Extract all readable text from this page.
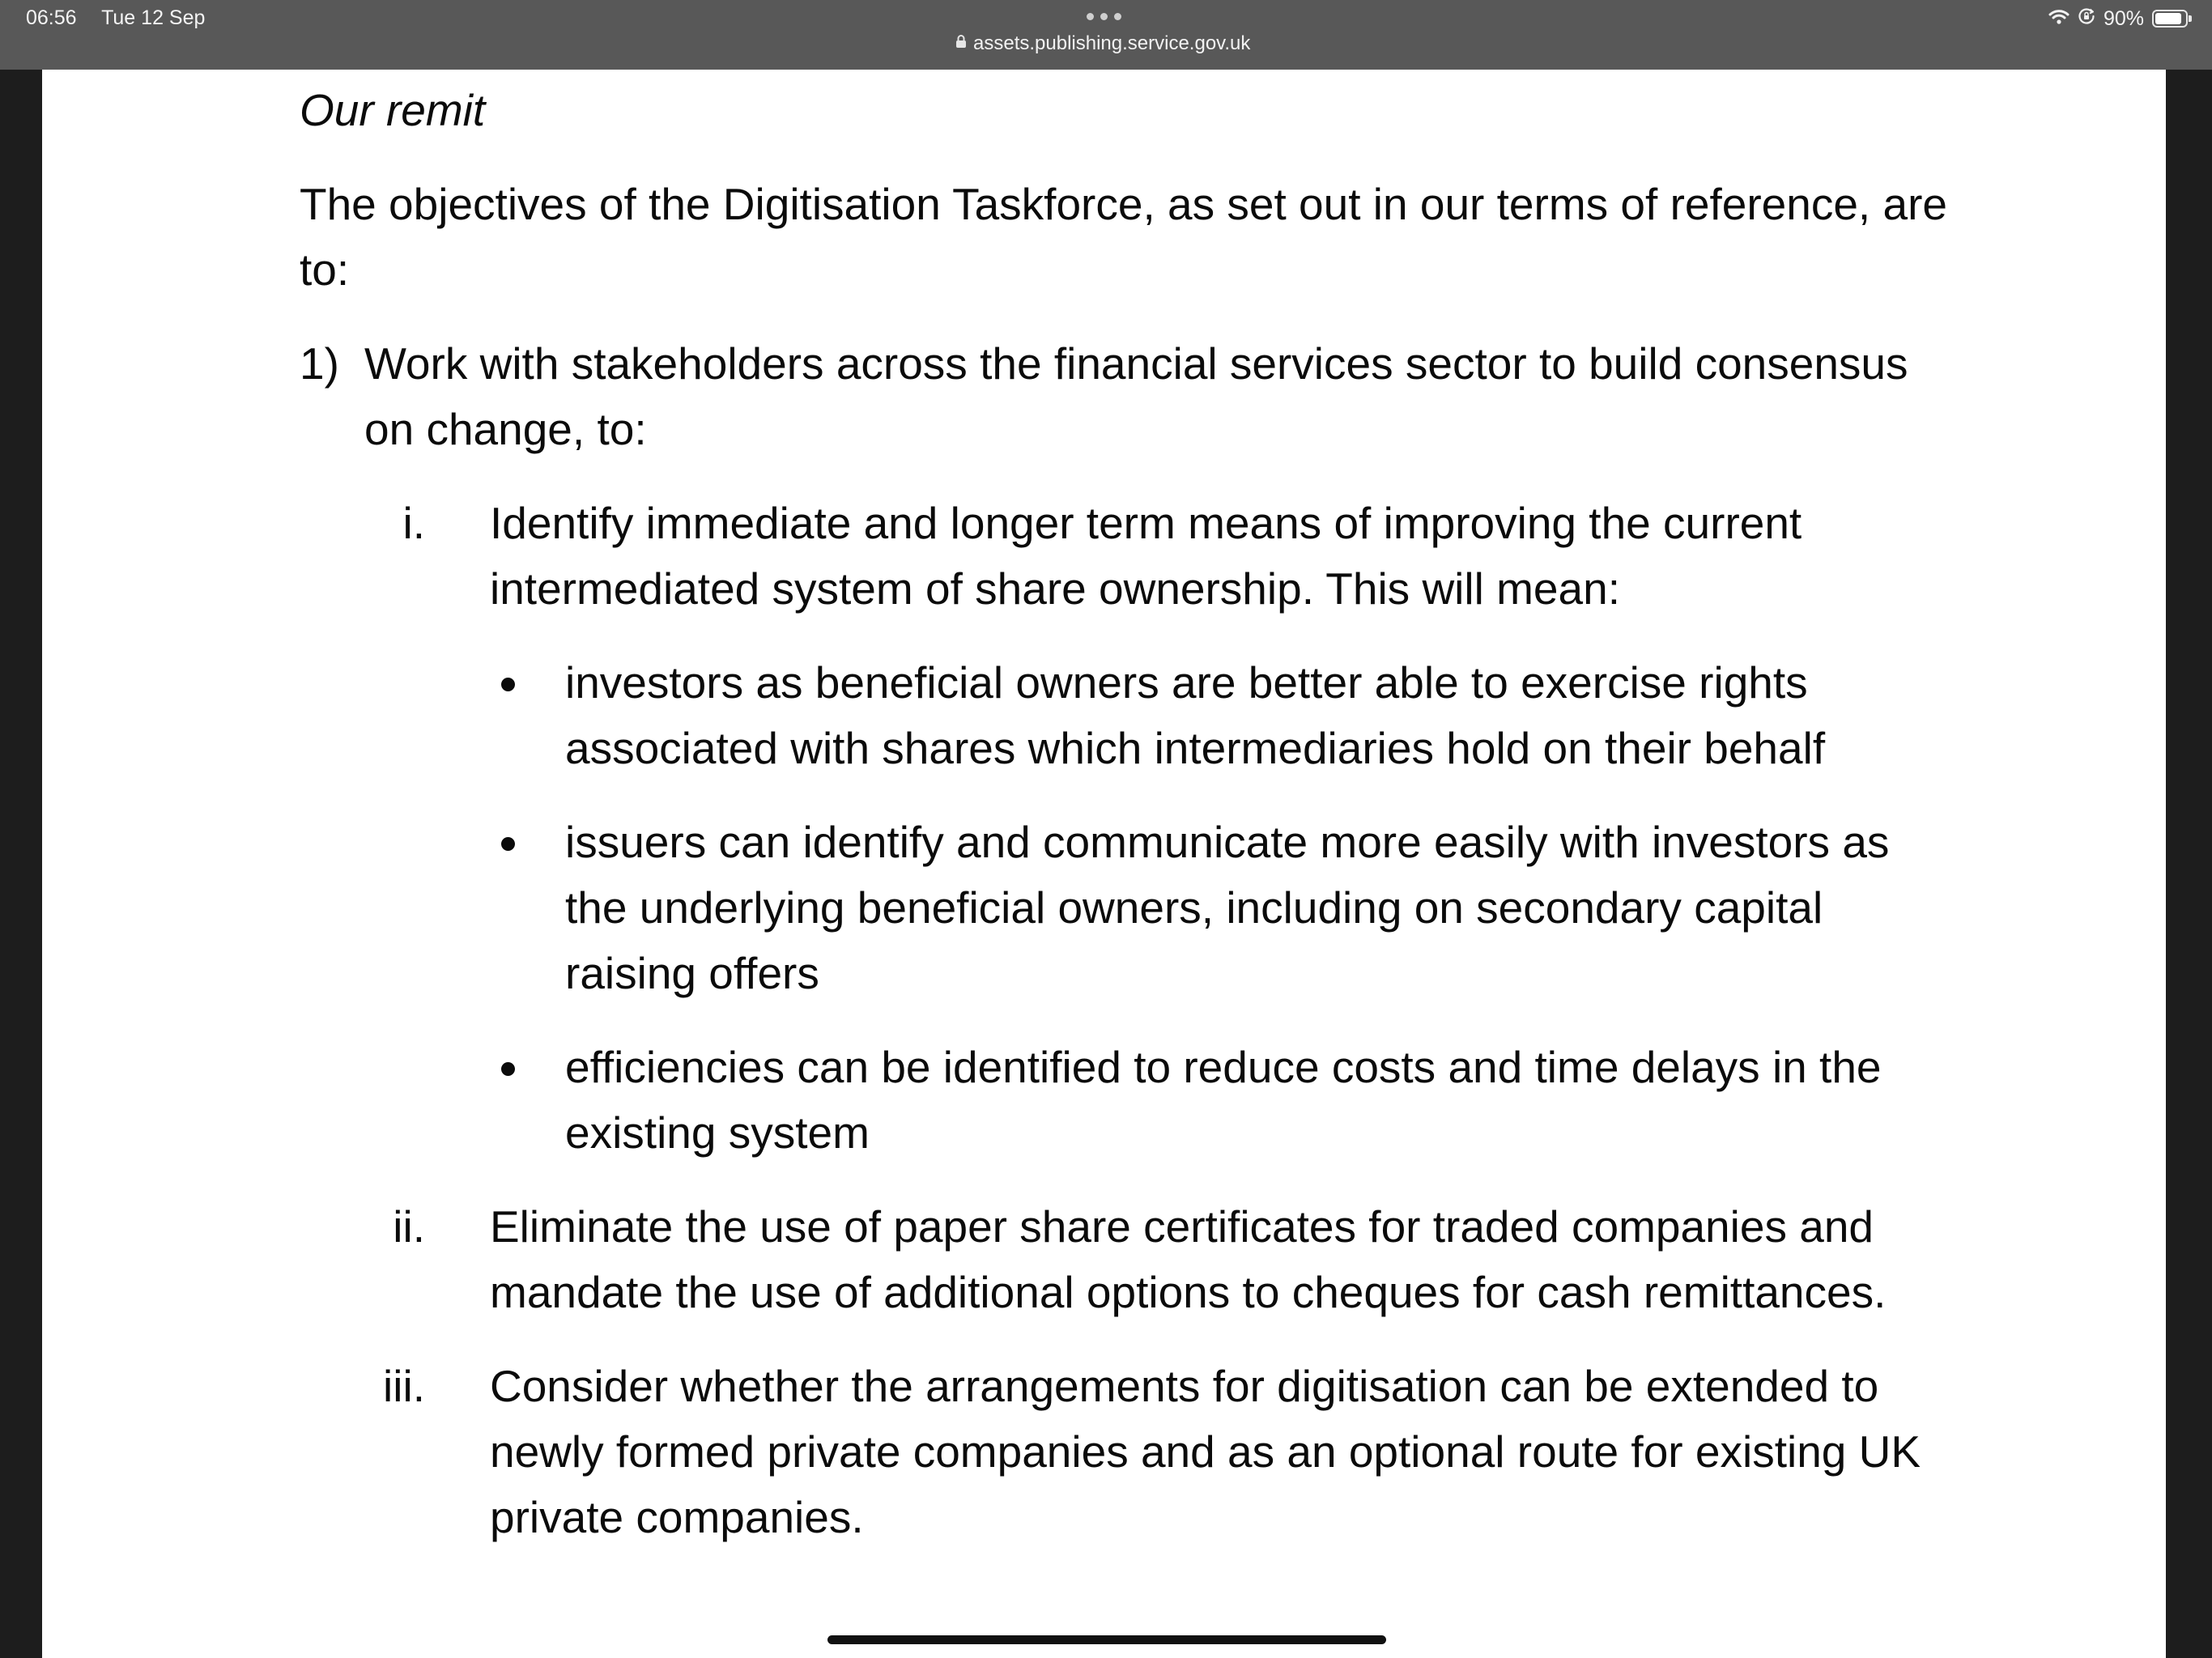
06:56 Tue 12 Sep
assets.publishing.service.gov.uk
90%
Our remit
The objectives of the Digitisation Taskforce, as set out in our terms of reference, are to:
1) Work with stakeholders across the financial services sector to build consensus on change, to:
i. Identify immediate and longer term means of improving the current intermediated system of share ownership. This will mean:
investors as beneficial owners are better able to exercise rights associated with shares which intermediaries hold on their behalf
issuers can identify and communicate more easily with investors as the underlying beneficial owners, including on secondary capital raising offers
efficiencies can be identified to reduce costs and time delays in the existing system
ii. Eliminate the use of paper share certificates for traded companies and mandate the use of additional options to cheques for cash remittances.
iii. Consider whether the arrangements for digitisation can be extended to newly formed private companies and as an optional route for existing UK private companies.
